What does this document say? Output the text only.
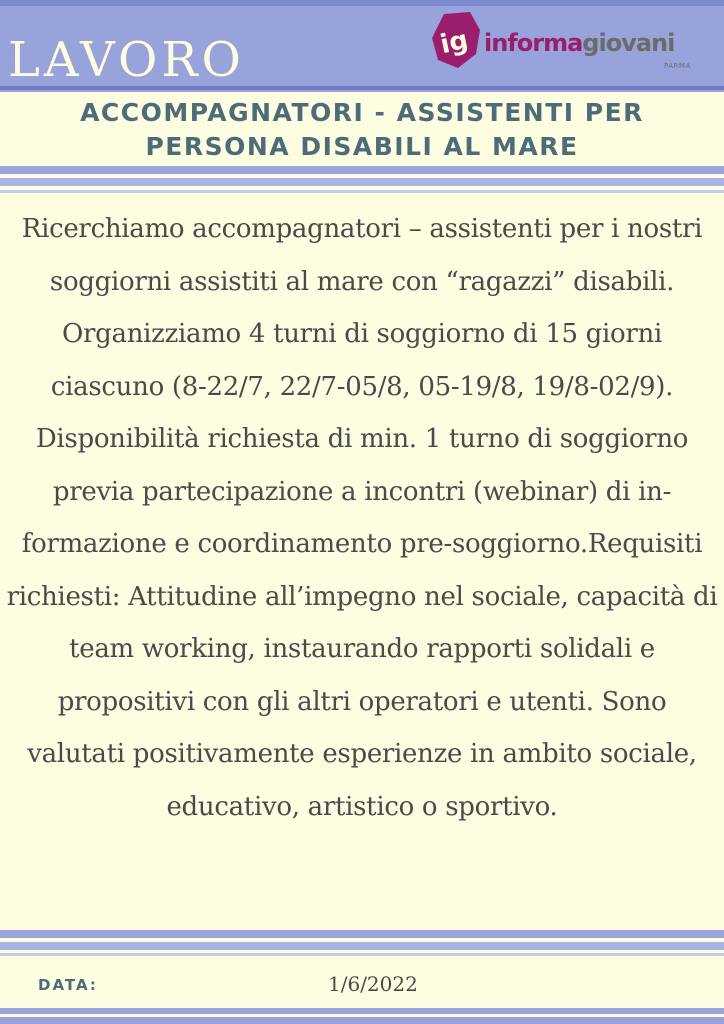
LAVORO	ig informagiovani
PARMA
ACCOMPAGNATORI - ASSISTENTI PER
PERSONA DISABILI AL MARE
Ricerchiamo accompagnatori – assistenti per i nostri soggiorni assistiti al mare con “ragazzi” disabili. Organizziamo 4 turni di soggiorno di 15 giorni ciascuno (8-22/7, 22/7-05/8, 05-19/8, 19/8-02/9). Disponibilità richiesta di min. 1 turno di soggiorno previa partecipazione a incontri (webinar) di in-formazione e coordinamento pre-soggiorno.Requisiti richiesti: Attitudine all’impegno nel sociale, capacità di team working, instaurando rapporti solidali e propositivi con gli altri operatori e utenti. Sono valutati positivamente esperienze in ambito sociale, educativo, artistico o sportivo.
DATA:	1/6/2022
